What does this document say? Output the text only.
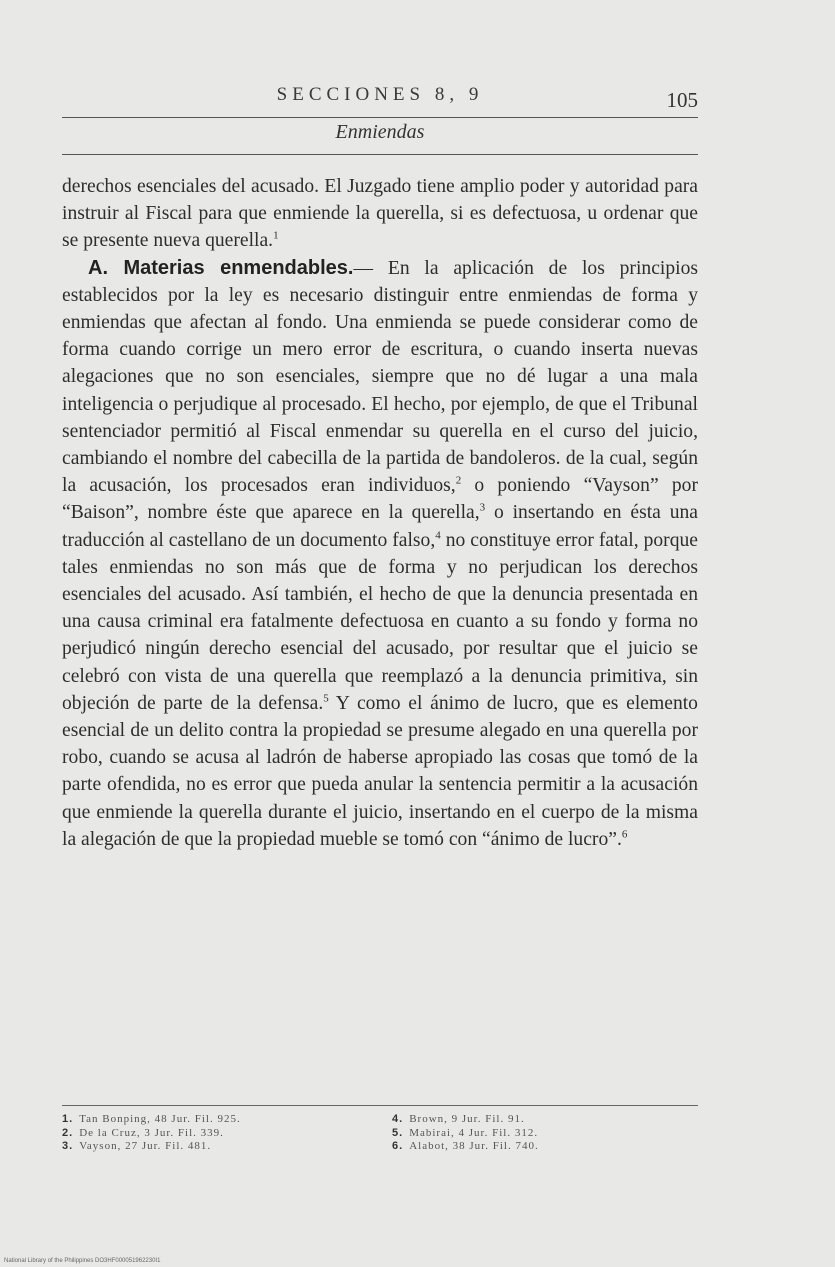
SECCIONES 8, 9	105
Enmiendas

derechos esenciales del acusado. El Juzgado tiene amplio poder y autoridad para instruir al Fiscal para que enmiende la querella, si es defectuosa, u ordenar que se presente nueva querella.$^1$

A. Materias enmendables.— En la aplicación de los principios establecidos por la ley es necesario distinguir entre enmiendas de forma y enmiendas que afectan al fondo. Una enmienda se puede considerar como de forma cuando corrige un mero error de escritura, o cuando inserta nuevas alegaciones que no son esenciales, siempre que no dé lugar a una mala inteligencia o perjudique al procesado. El hecho, por ejemplo, de que el Tribunal sentenciador permitió al Fiscal enmendar su querella en el curso del juicio, cambiando el nombre del cabecilla de la partida de bandoleros. de la cual, según la acusación, los procesados eran individuos,$^2$ o poniendo “Vayson” por “Baison”, nombre éste que aparece en la querella,$^3$ o insertando en ésta una traducción al castellano de un documento falso,$^4$ no constituye error fatal, porque tales enmiendas no son más que de forma y no perjudican los derechos esenciales del acusado. Así también, el hecho de que la denuncia presentada en una causa criminal era fatalmente defectuosa en cuanto a su fondo y forma no perjudicó ningún derecho esencial del acusado, por resultar que el juicio se celebró con vista de una querella que reemplazó a la denuncia primitiva, sin objeción de parte de la defensa.$^5$ Y como el ánimo de lucro, que es elemento esencial de un delito contra la propiedad se presume alegado en una querella por robo, cuando se acusa al ladrón de haberse apropiado las cosas que tomó de la parte ofendida, no es error que pueda anular la sentencia permitir a la acusación que enmiende la querella durante el juicio, insertando en el cuerpo de la misma la alegación de que la propiedad mueble se tomó con “ánimo de lucro”.$^6$

1. Tan Bonping, 48 Jur. Fil. 925.
2. De la Cruz, 3 Jur. Fil. 339.
3. Vayson, 27 Jur. Fil. 481.
4. Brown, 9 Jur. Fil. 91.
5. Mabirai, 4 Jur. Fil. 312.
6. Alabot, 38 Jur. Fil. 740.
National Library of the Philippines DO3HF000051962230I1
